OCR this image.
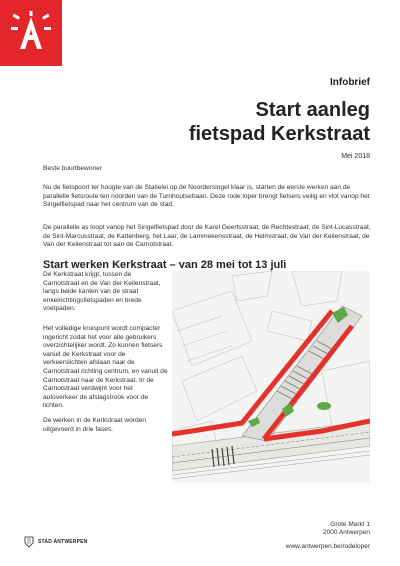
Infobrief
Start aanleg
fietspad Kerkstraat
Mei 2018

Beste buurtbewoner

Nu de fietspoort ter hoogte van de Statielei op de Noordersingel klaar is, starten de eerste werken aan de parallelle fietsroute ten noorden van de Turnhoutsebaan. Deze rode loper brengt fietsers veilig en vlot vanop het Singelfietspad naar het centrum van de stad.

De parallelle as loopt vanop het Singelfietspad door de Karel Geertsstraat, de Rechtestraat, de Sint-Lucasstraat, de Sint-Marcusstraat, de Kattenberg, het Laar, de Lammekensstraat, de Helmstraat, de Van der Keilenstraat, de Van der Keilenstraat tot aan de Carnotstraat.

Start werken Kerkstraat – van 28 mei tot 13 juli

De Kerkstraat krijgt, tussen de Carnotstraat en de Van der Keilenstraat, langs beide kanten van de straat enkelrichtingsfietspaden en brede voetpaden.

Het volledige kruispunt wordt compacter ingericht zodat het voor alle gebruikers overzichtelijker wordt. Zo kunnen fietsers vanuit de Kerkstraat voor de verkeerslichten afslaan naar de Carnotstraat richting centrum, en vanuit de Carnotstraat naar de Kerkstraat. In de Carnotstraat verdwijnt voor het autoverkeer de afslagstrook voor de lichten.

De werken in de Kerkstraat worden uitgevoerd in drie fases.

STAD ANTWERPEN
Grote Markt 1
2000 Antwerpen
www.antwerpen.be/rodeloper
